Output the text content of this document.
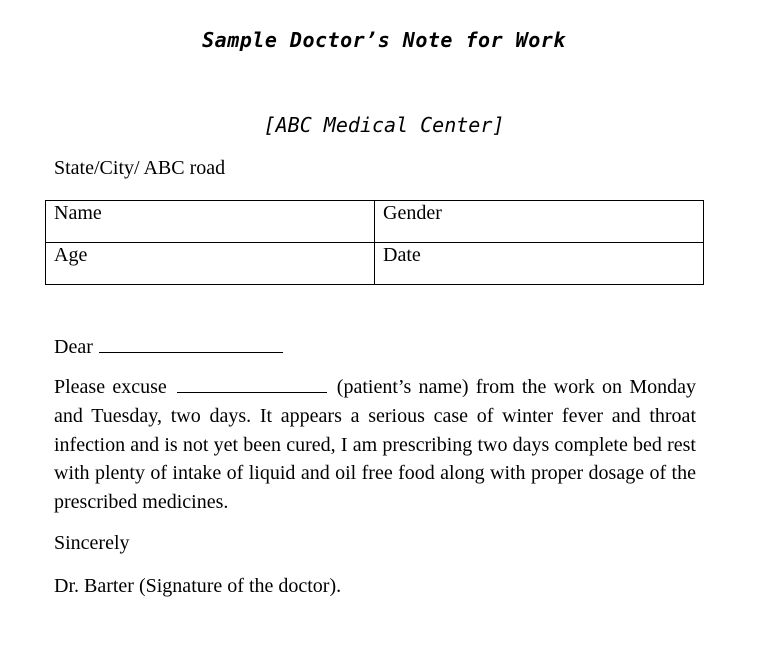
Sample Doctor’s Note for Work
[ABC Medical Center]
State/City/ ABC road
Name	Gender
Age	Date
Dear
Please excuse	(patient’s name) from the work on Monday and Tuesday, two days. It appears a serious case of winter fever and throat infection and is not yet been cured, I am prescribing two days complete bed rest with plenty of intake of liquid and oil free food along with proper dosage of the prescribed medicines.
Sincerely
Dr. Barter (Signature of the doctor).
